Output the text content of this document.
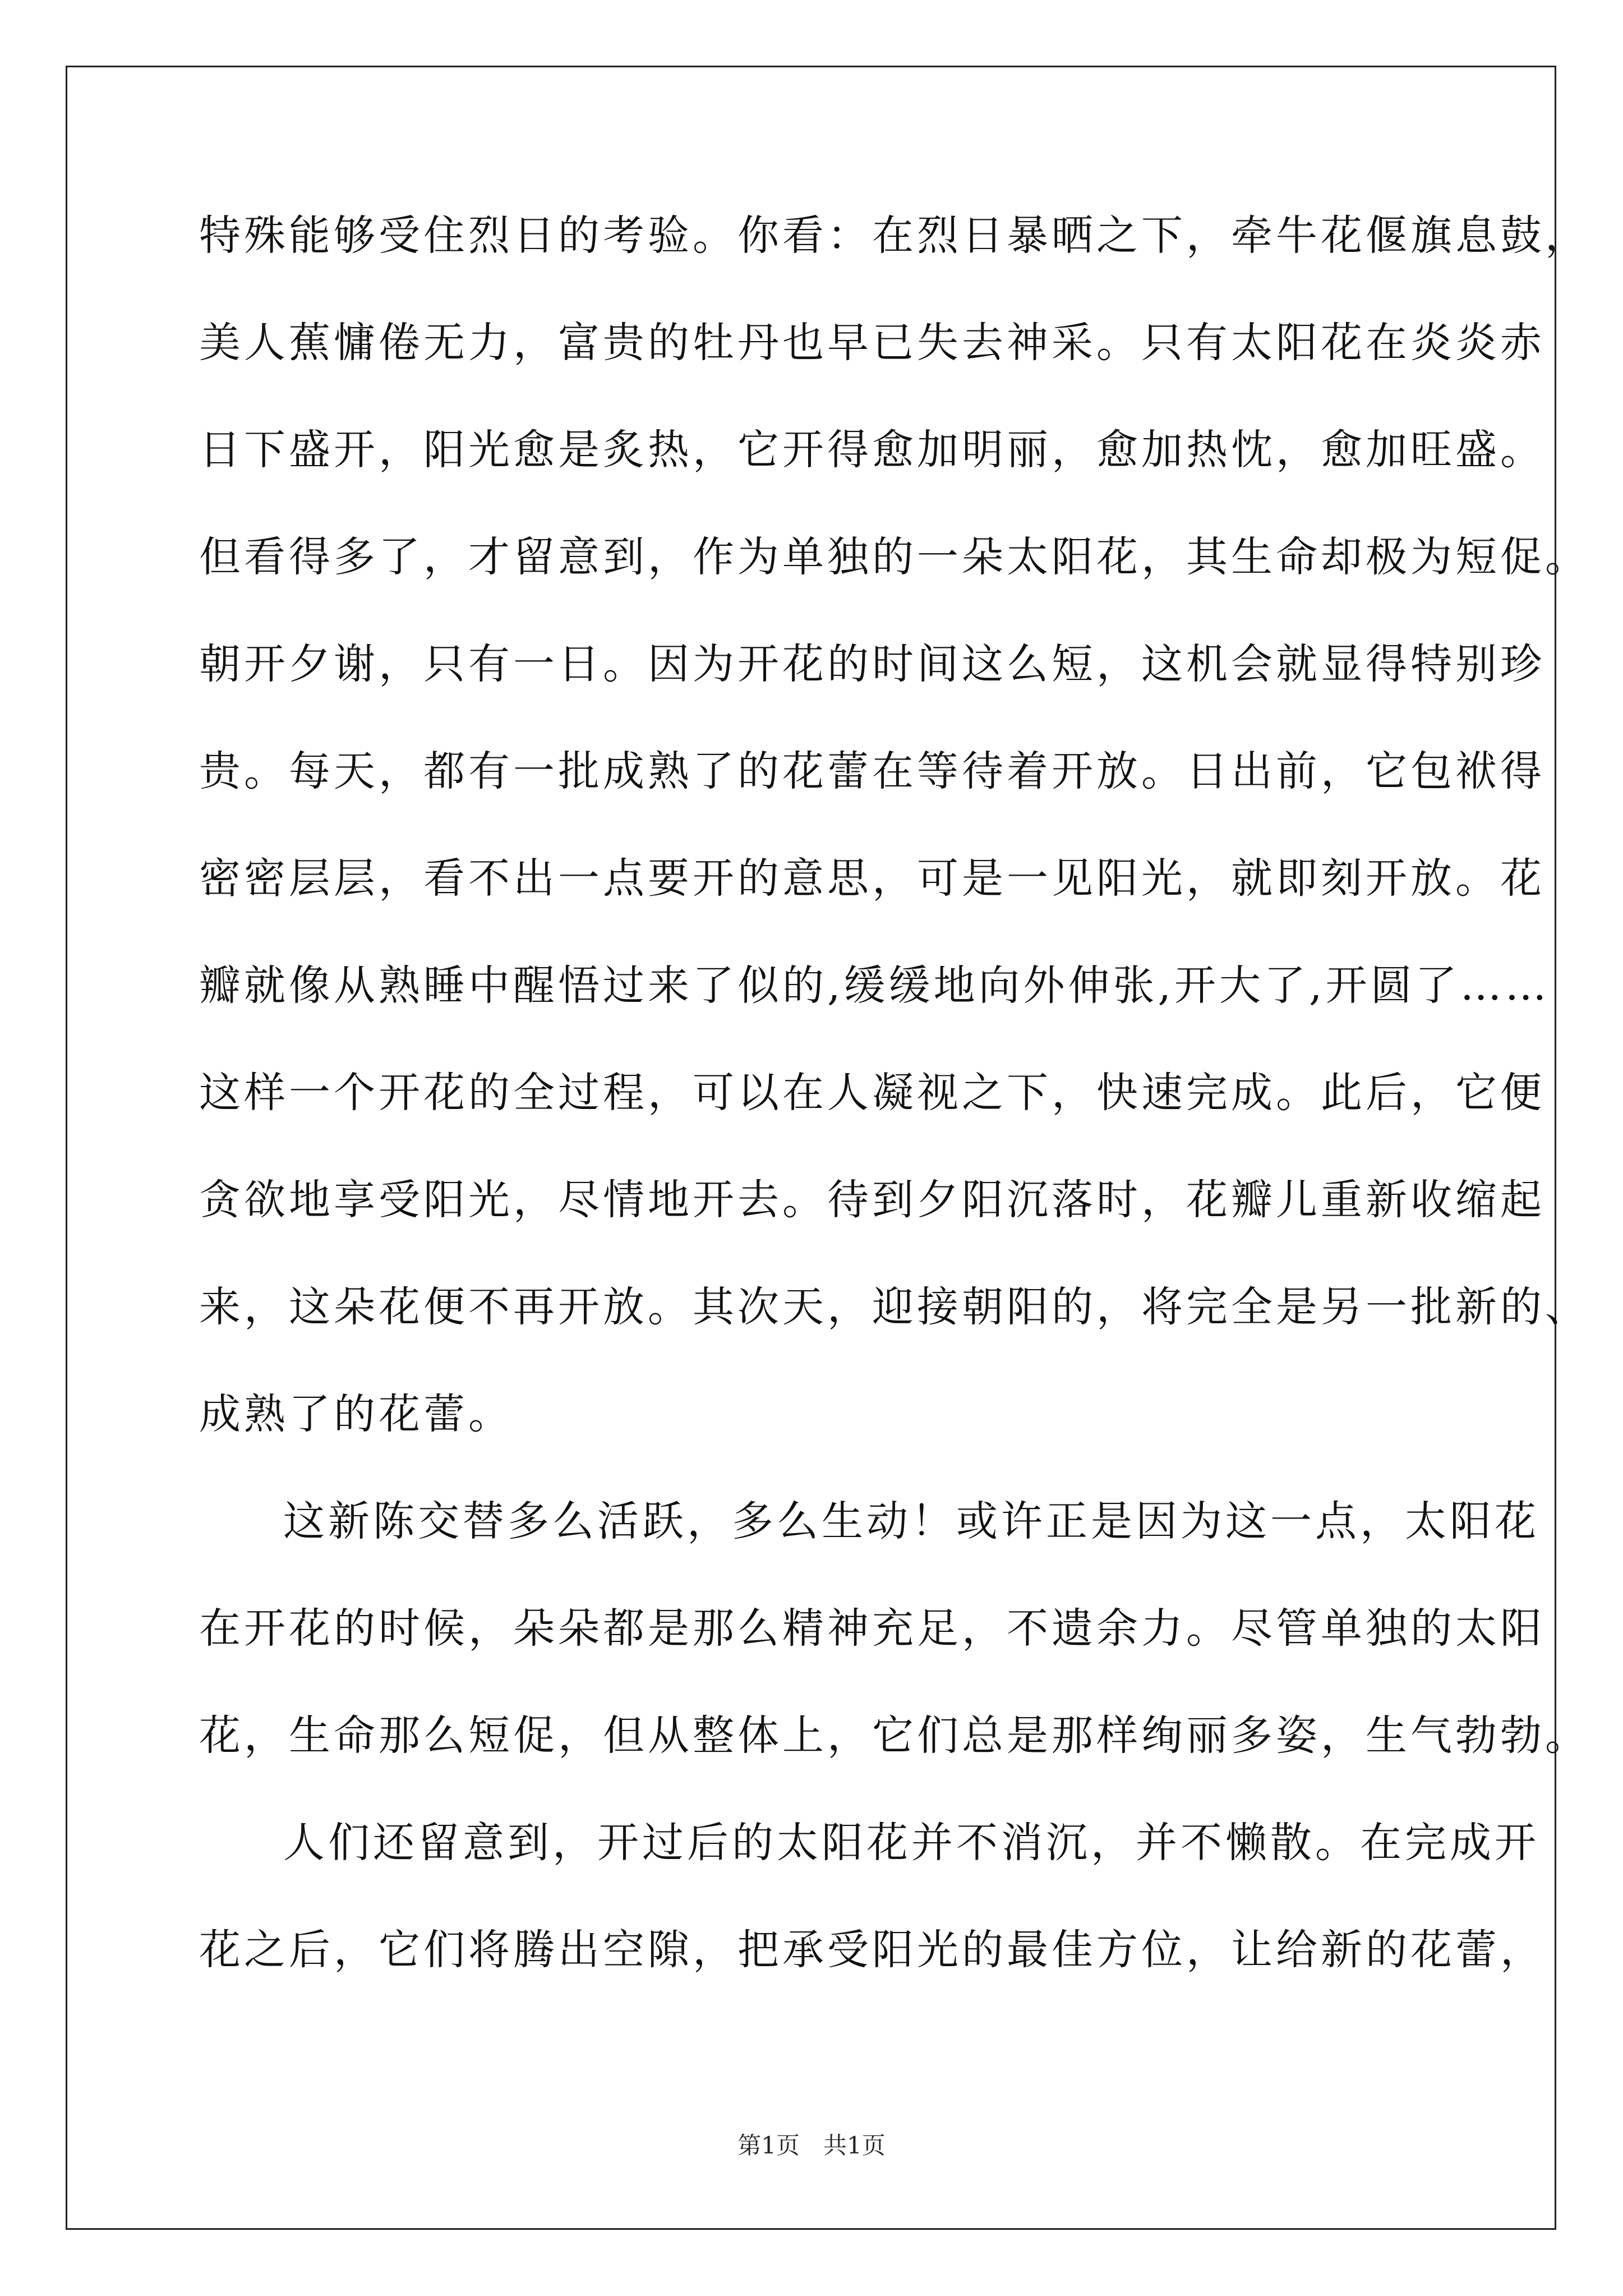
特殊能够受住烈日的考验。你看：在烈日暴晒之下，牵牛花偃旗息鼓，
美人蕉慵倦无力，富贵的牡丹也早已失去神采。只有太阳花在炎炎赤
日下盛开，阳光愈是炙热，它开得愈加明丽，愈加热忱，愈加旺盛。
但看得多了，才留意到，作为单独的一朵太阳花，其生命却极为短促。
朝开夕谢，只有一日。因为开花的时间这么短，这机会就显得特别珍
贵。每天，都有一批成熟了的花蕾在等待着开放。日出前，它包袱得
密密层层，看不出一点要开的意思，可是一见阳光，就即刻开放。花
瓣就像从熟睡中醒悟过来了似的,缓缓地向外伸张,开大了,开圆了……
这样一个开花的全过程，可以在人凝视之下，快速完成。此后，它便
贪欲地享受阳光，尽情地开去。待到夕阳沉落时，花瓣儿重新收缩起
来，这朵花便不再开放。其次天，迎接朝阳的，将完全是另一批新的、
成熟了的花蕾。
这新陈交替多么活跃，多么生动！或许正是因为这一点，太阳花
在开花的时候，朵朵都是那么精神充足，不遗余力。尽管单独的太阳
花，生命那么短促，但从整体上，它们总是那样绚丽多姿，生气勃勃。
人们还留意到，开过后的太阳花并不消沉，并不懒散。在完成开
花之后，它们将腾出空隙，把承受阳光的最佳方位，让给新的花蕾，
第1页　共1页
